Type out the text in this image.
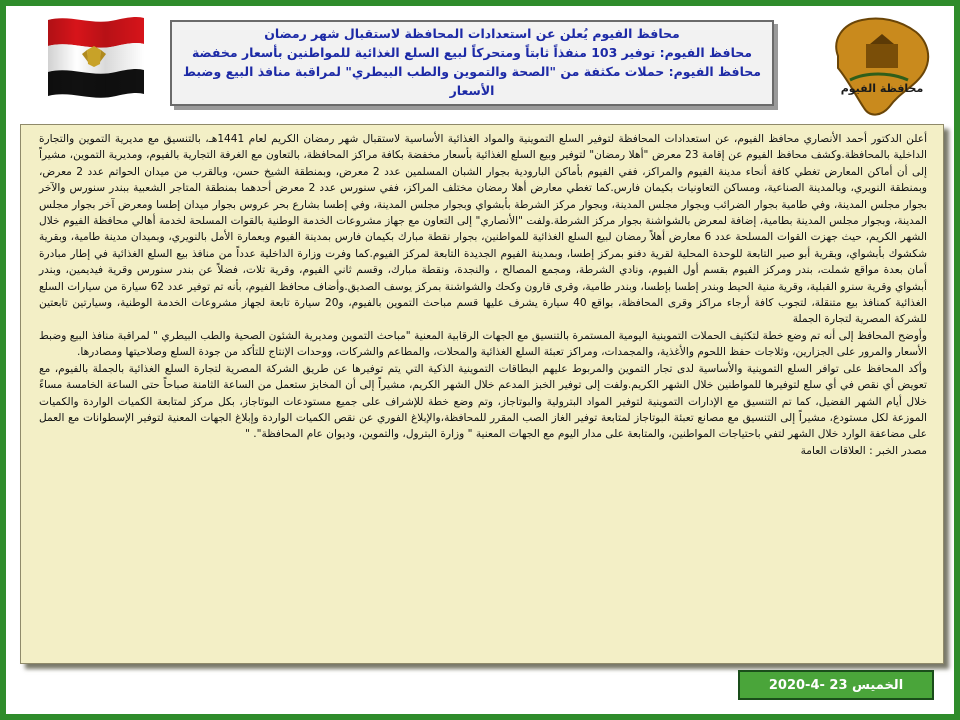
محافظة الفيوم

محافظ الفيوم يُعلن عن استعدادات المحافظة لاستقبال شهر رمضان

محافظ الفيوم: توفير 103 منفذاً ثابتاً ومتحركاً لبيع السلع الغذائية للمواطنين بأسعار مخفضة

محافظ الفيوم: حملات مكثفة من "الصحة والتموين والطب البيطري" لمراقبة منافذ البيع وضبط الأسعار

أعلن الدكتور أحمد الأنصاري محافظ الفيوم، عن استعدادات المحافظة لتوفير السلع التموينية والمواد الغذائية الأساسية لاستقبال شهر رمضان الكريم لعام 1441هـ، بالتنسيق مع مديرية التموين والتجارة الداخلية بالمحافظة.وكشف محافظ الفيوم عن إقامة 23 معرض "أهلا رمضان" لتوفير وبيع السلع الغذائية بأسعار مخفضة بكافة مراكز المحافظة، بالتعاون مع الغرفة التجارية بالفيوم، ومديرية التموين، مشيراً إلى أن أماكن المعارض تغطي كافة أنحاء مدينة الفيوم والمراكز، ففي الفيوم بأماكن البارودية بجوار الشبان المسلمين عدد 2 معرض، وبمنطقة الشيخ حسن، وبالقرب من ميدان الحواتم عدد 2 معرض، وبمنطقة النويري، وبالمدينة الصناعية، ومساكن التعاونيات بكيمان فارس.كما تغطي معارض أهلا رمضان مختلف المراكز، ففي سنورس عدد 2 معرض أحدهما بمنطقة المتاجر الشعبية ببندر سنورس والآخر بجوار مجلس المدينة، وفي طامية بجوار الضرائب وبجوار مجلس المدينة، وبجوار مركز الشرطة بأبشواي وبجوار مجلس المدينة، وفي إطسا بشارع بحر عروس بجوار ميدان إطسا ومعرض آخر بجوار مجلس المدينة، وبجوار مجلس المدينة بطامية، إضافة لمعرض بالشواشنة بجوار مركز الشرطة.ولفت "الأنصاري" إلى التعاون مع جهاز مشروعات الخدمة الوطنية بالقوات المسلحة لخدمة أهالي محافظة الفيوم خلال الشهر الكريم، حيث جهزت القوات المسلحة عدد 6 معارض أهلاً رمضان لبيع السلع الغذائية للمواطنين، بجوار نقطة مبارك بكيمان فارس بمدينة الفيوم وبعمارة الأمل بالنويري، وبميدان مدينة طامية، وبقرية شكشوك بأبشواي، وبقرية أبو صير التابعة للوحدة المحلية لقرية دفنو بمركز إطسا، وبمدينة الفيوم الجديدة التابعة لمركز الفيوم.كما وفرت وزارة الداخلية عدداً من منافذ بيع السلع الغذائية في إطار مبادرة أمان بعدة مواقع شملت، بندر ومركز الفيوم بقسم أول الفيوم، ونادي الشرطة، ومجمع المصالح ، والنجدة، ونقطة مبارك، وقسم ثاني الفيوم، وقرية تلات، فضلاً عن بندر سنورس وقرية فيديمين، وبندر أبشواي وقرية سنرو القبلية، وقرية منية الحيط وبندر إطسا بإطسا، وبندر طامية، وقرى قارون وكحك والشواشنة بمركز يوسف الصديق.وأضاف محافظ الفيوم، بأنه تم توفير عدد 62 سيارة من سيارات السلع الغذائية كمنافذ بيع متنقلة، لتجوب كافة أرجاء مراكز وقرى المحافظة، بواقع 40 سيارة يشرف عليها قسم مباحث التموين بالفيوم، و20 سيارة تابعة لجهاز مشروعات الخدمة الوطنية، وسيارتين تابعتين للشركة المصرية لتجارة الجملة

وأوضح المحافظ إلى أنه تم وضع خطة لتكثيف الحملات التموينية اليومية المستمرة بالتنسيق مع الجهات الرقابية المعنية "مباحث التموين ومديرية الشئون الصحية والطب البيطري " لمراقبة منافذ البيع وضبط الأسعار والمرور على الجزارين، وثلاجات حفظ اللحوم والأغذية، والمجمدات، ومراكز تعبئة السلع الغذائية والمحلات، والمطاعم والشركات، ووحدات الإنتاج للتأكد من جودة السلع وصلاحيتها ومصادرها.

وأكد المحافظ على توافر السلع التموينية والأساسية لدى تجار التموين والمربوط عليهم البطاقات التموينية الذكية التي يتم توفيرها عن طريق الشركة المصرية لتجارة السلع الغذائية بالجملة بالفيوم، مع تعويض أي نقص في أي سلع لتوفيرها للمواطنين خلال الشهر الكريم.ولفت إلى توفير الخبز المدعم خلال الشهر الكريم، مشيراً إلى أن المخابز ستعمل من الساعة الثامنة صباحاً حتى الساعة الخامسة مساءً خلال أيام الشهر الفضيل، كما تم التنسيق مع الإدارات التموينية لتوفير المواد البترولية والبوتاجاز، وتم وضع خطة للإشراف على جميع مستودعات البوتاجاز، بكل مركز لمتابعة الكميات الواردة والكميات الموزعة لكل مستودع، مشيراً إلى التنسيق مع مصانع تعبئة البوتاجاز لمتابعة توفير الغاز الصب المقرر للمحافظة،والإبلاغ الفوري عن نقص الكميات الواردة وإبلاغ الجهات المعنية لتوفير الإسطوانات مع العمل على مضاعفة الوارد خلال الشهر لتفي باحتياجات المواطنين، والمتابعة على مدار اليوم مع الجهات المعنية " وزارة البترول، والتموين، وديوان عام المحافظة". "

مصدر الخبر : العلاقات العامة

الخميس 23 -4-2020
